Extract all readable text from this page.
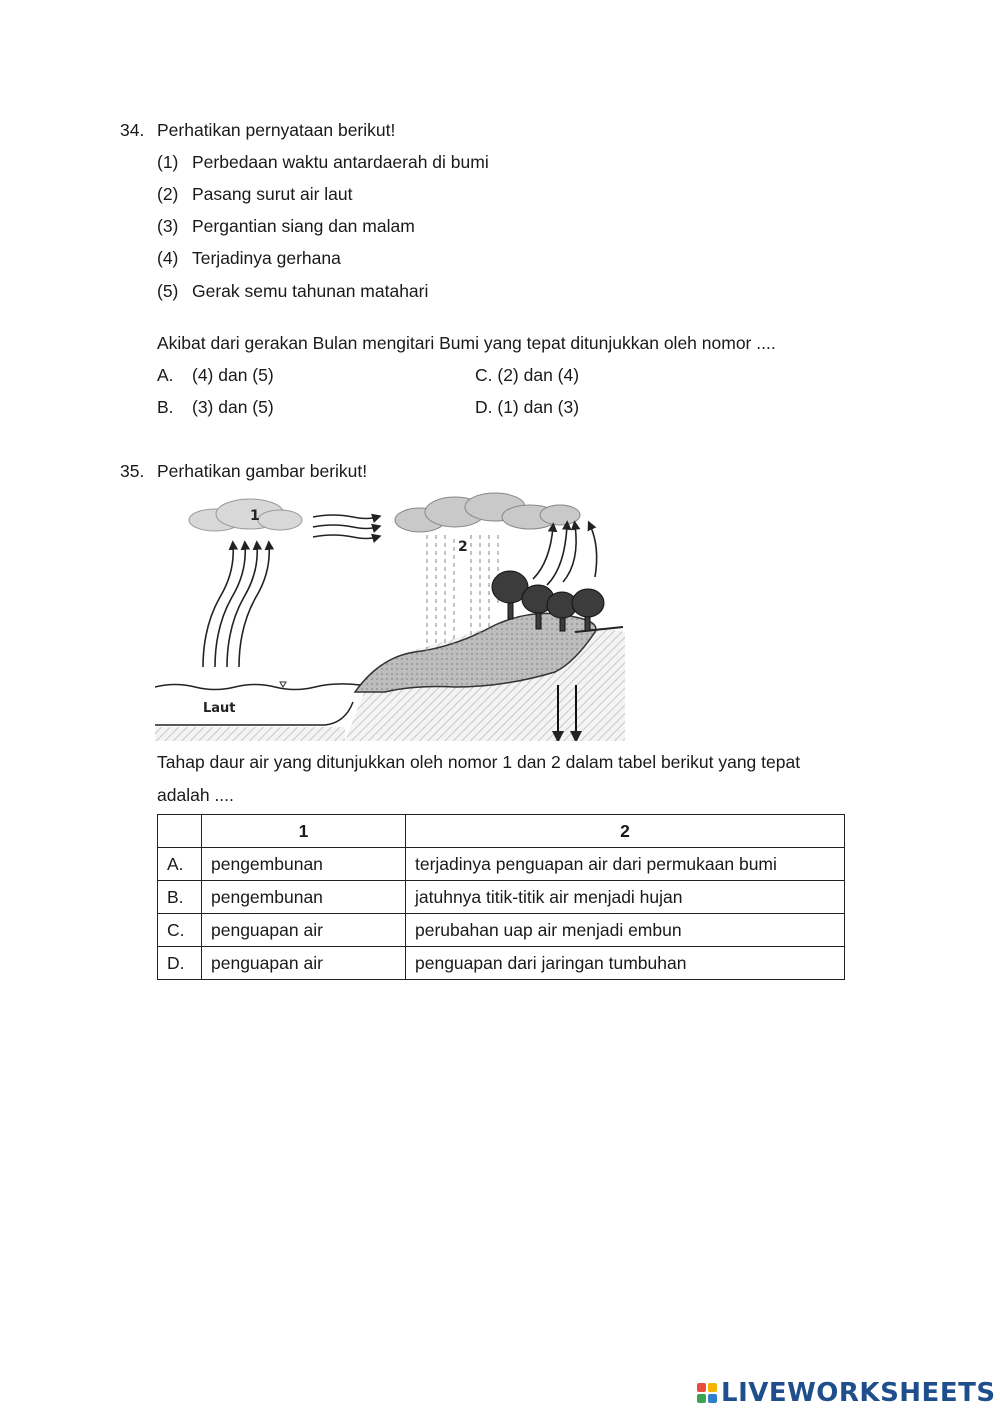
34. Perhatikan pernyataan berikut!
(1) Perbedaan waktu antardaerah di bumi
(2) Pasang surut air laut
(3) Pergantian siang dan malam
(4) Terjadinya gerhana
(5) Gerak semu tahunan matahari
Akibat dari gerakan Bulan mengitari Bumi yang tepat ditunjukkan oleh nomor ....
A. (4) dan (5)	C. (2) dan (4)
B. (3) dan (5)	D. (1) dan (3)
35. Perhatikan gambar berikut!
Laut
1
2
Tahap daur air yang ditunjukkan oleh nomor 1 dan 2 dalam tabel berikut yang tepat
adalah ....
	1	2
A.	pengembunan	terjadinya penguapan air dari permukaan bumi
B.	pengembunan	jatuhnya titik-titik air menjadi hujan
C.	penguapan air	perubahan uap air menjadi embun
D.	penguapan air	penguapan dari jaringan tumbuhan
LIVEWORKSHEETS
